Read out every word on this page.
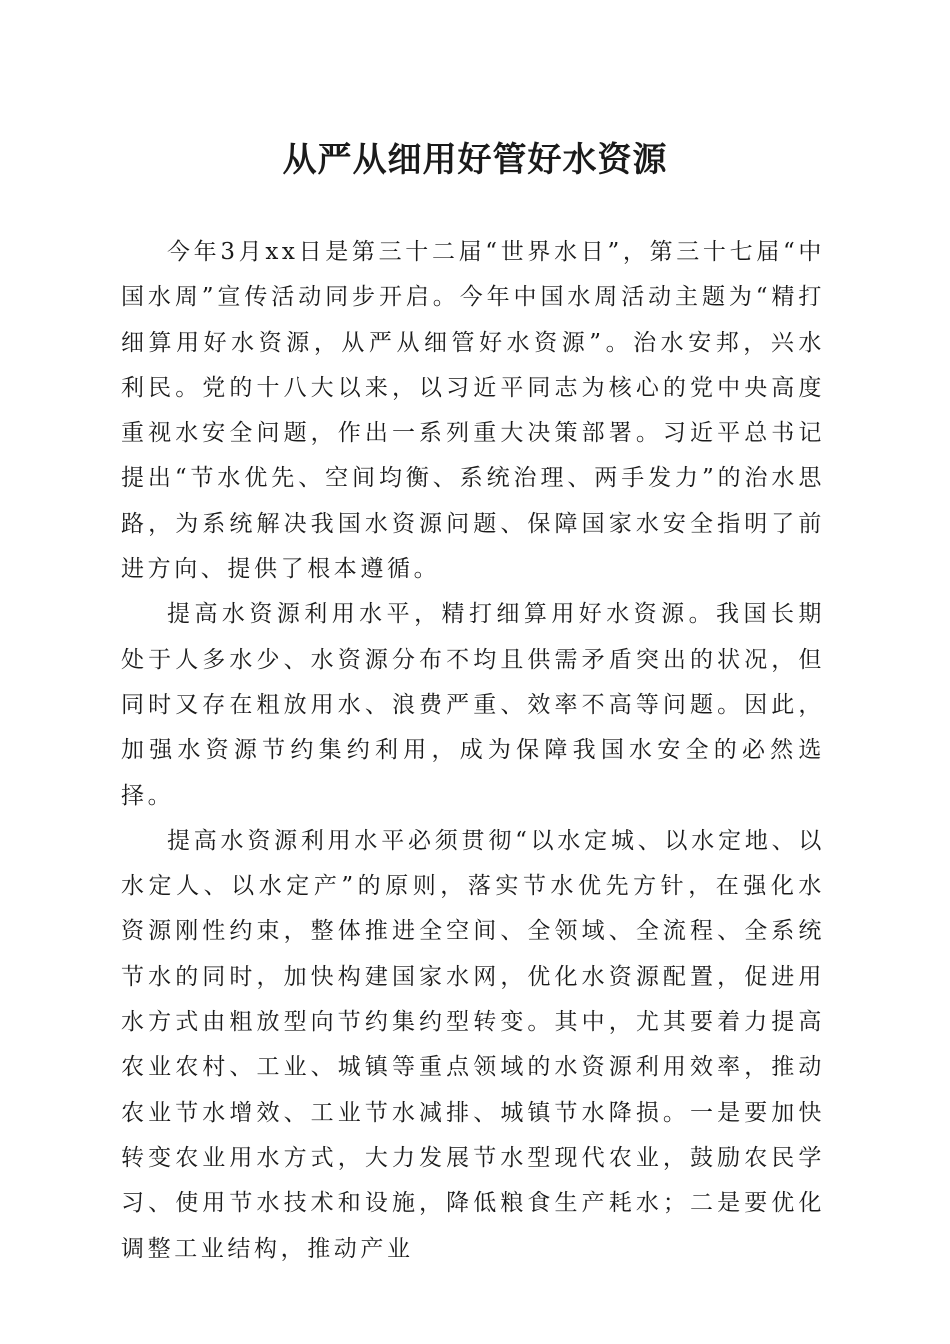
从严从细用好管好水资源

今年3月xx日是第三十二届“世界水日”，第三十七届“中国水周”宣传活动同步开启。今年中国水周活动主题为“精打细算用好水资源，从严从细管好水资源”。治水安邦，兴水利民。党的十八大以来，以习近平同志为核心的党中央高度重视水安全问题，作出一系列重大决策部署。习近平总书记提出“节水优先、空间均衡、系统治理、两手发力”的治水思路，为系统解决我国水资源问题、保障国家水安全指明了前进方向、提供了根本遵循。

提高水资源利用水平，精打细算用好水资源。我国长期处于人多水少、水资源分布不均且供需矛盾突出的状况，但同时又存在粗放用水、浪费严重、效率不高等问题。因此，加强水资源节约集约利用，成为保障我国水安全的必然选择。

提高水资源利用水平必须贯彻“以水定城、以水定地、以水定人、以水定产”的原则，落实节水优先方针，在强化水资源刚性约束，整体推进全空间、全领域、全流程、全系统节水的同时，加快构建国家水网，优化水资源配置，促进用水方式由粗放型向节约集约型转变。其中，尤其要着力提高农业农村、工业、城镇等重点领域的水资源利用效率，推动农业节水增效、工业节水减排、城镇节水降损。一是要加快转变农业用水方式，大力发展节水型现代农业，鼓励农民学习、使用节水技术和设施，降低粮食生产耗水；二是要优化调整工业结构，推动产业
